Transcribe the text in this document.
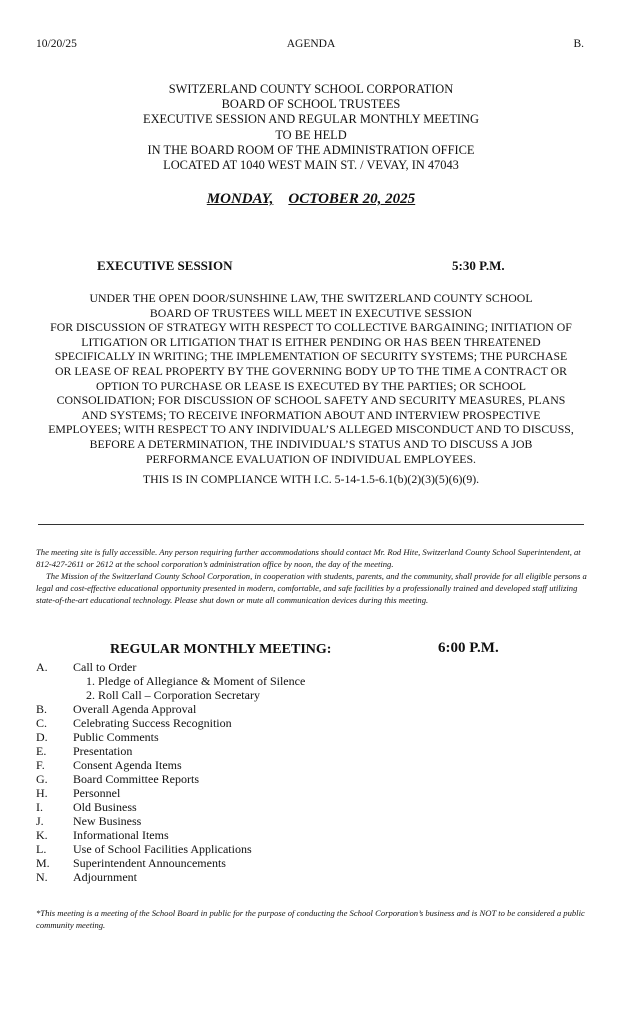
10/20/25	AGENDA	B.
SWITZERLAND COUNTY SCHOOL CORPORATION
BOARD OF SCHOOL TRUSTEES
EXECUTIVE SESSION AND REGULAR MONTHLY MEETING
TO BE HELD
IN THE BOARD ROOM OF THE ADMINISTRATION OFFICE
LOCATED AT 1040 WEST MAIN ST. / VEVAY, IN 47043
MONDAY, OCTOBER 20, 2025
EXECUTIVE SESSION	5:30 P.M.
UNDER THE OPEN DOOR/SUNSHINE LAW, THE SWITZERLAND COUNTY SCHOOL
BOARD OF TRUSTEES WILL MEET IN EXECUTIVE SESSION
FOR DISCUSSION OF STRATEGY WITH RESPECT TO COLLECTIVE BARGAINING; INITIATION OF
LITIGATION OR LITIGATION THAT IS EITHER PENDING OR HAS BEEN THREATENED
SPECIFICALLY IN WRITING; THE IMPLEMENTATION OF SECURITY SYSTEMS; THE PURCHASE
OR LEASE OF REAL PROPERTY BY THE GOVERNING BODY UP TO THE TIME A CONTRACT OR
OPTION TO PURCHASE OR LEASE IS EXECUTED BY THE PARTIES; OR SCHOOL
CONSOLIDATION; FOR DISCUSSION OF SCHOOL SAFETY AND SECURITY MEASURES, PLANS
AND SYSTEMS; TO RECEIVE INFORMATION ABOUT AND INTERVIEW PROSPECTIVE
EMPLOYEES; WITH RESPECT TO ANY INDIVIDUAL’S ALLEGED MISCONDUCT AND TO DISCUSS,
BEFORE A DETERMINATION, THE INDIVIDUAL’S STATUS AND TO DISCUSS A JOB
PERFORMANCE EVALUATION OF INDIVIDUAL EMPLOYEES.
THIS IS IN COMPLIANCE WITH I.C. 5-14-1.5-6.1(b)(2)(3)(5)(6)(9).
The meeting site is fully accessible. Any person requiring further accommodations should contact Mr. Rod Hite, Switzerland County School Superintendent, at 812-427-2611 or 2612 at the school corporation’s administration office by noon, the day of the meeting.
The Mission of the Switzerland County School Corporation, in cooperation with students, parents, and the community, shall provide for all eligible persons a legal and cost-effective educational opportunity presented in modern, comfortable, and safe facilities by a professionally trained and developed staff utilizing state-of-the-art educational technology. Please shut down or mute all communication devices during this meeting.
REGULAR MONTHLY MEETING:	6:00 P.M.
A. Call to Order
1. Pledge of Allegiance & Moment of Silence
2. Roll Call – Corporation Secretary
B. Overall Agenda Approval
C. Celebrating Success Recognition
D. Public Comments
E. Presentation
F. Consent Agenda Items
G. Board Committee Reports
H. Personnel
I.	Old Business
J. New Business
K. Informational Items
L. Use of School Facilities Applications
M. Superintendent Announcements
N. Adjournment
*This meeting is a meeting of the School Board in public for the purpose of conducting the School Corporation’s business and is NOT to be considered a public community meeting.
